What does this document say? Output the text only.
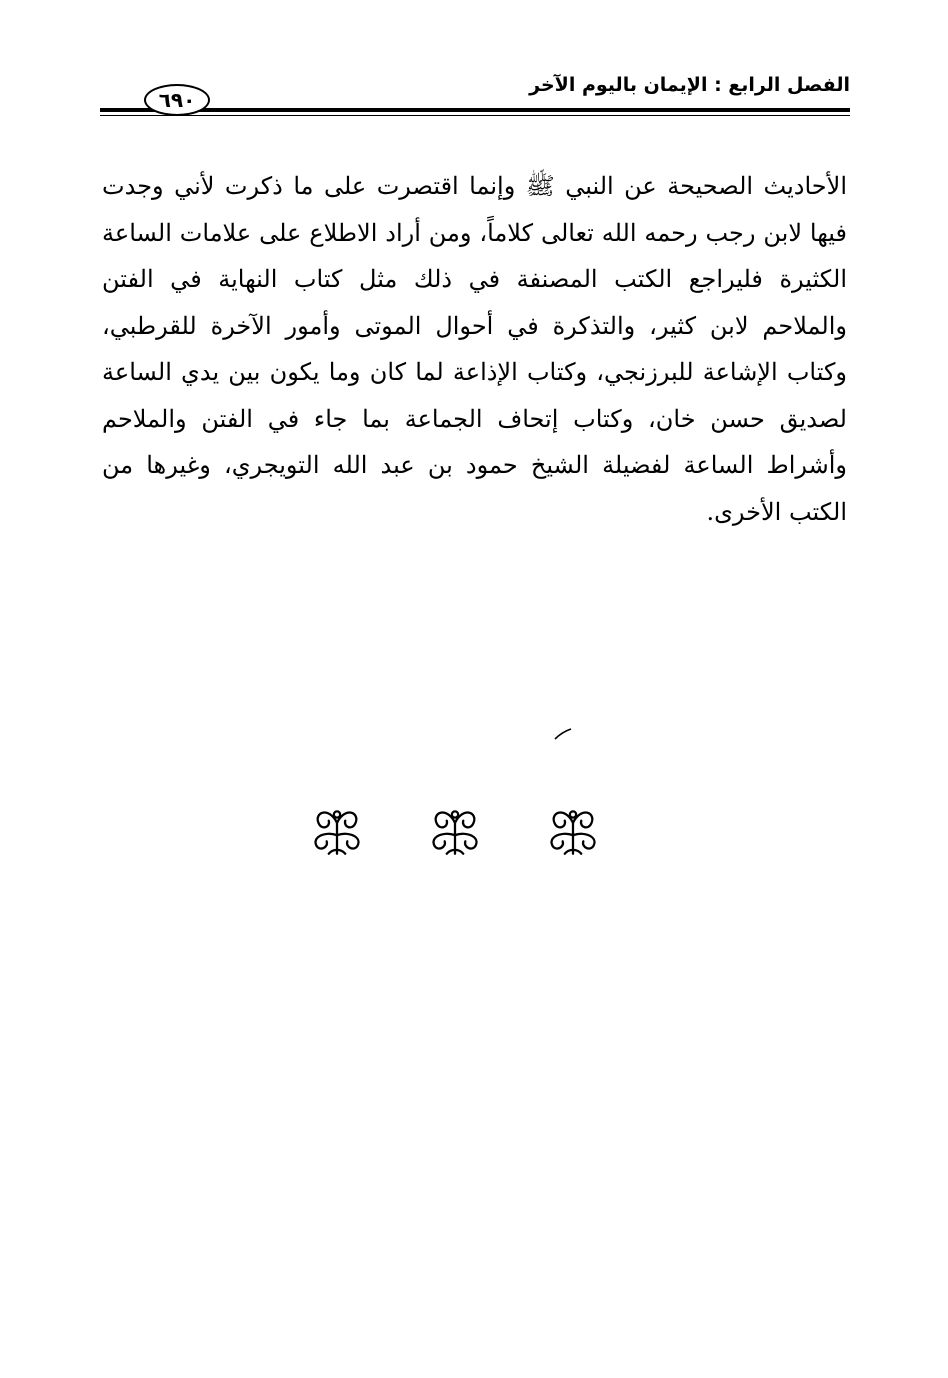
الفصل الرابع : الإيمان باليوم الآخر
٦٩٠
الأحاديث الصحيحة عن النبي ﷺ وإنما اقتصرت على ما ذكرت لأني وجدت فيها لابن رجب رحمه الله تعالى كلاماً، ومن أراد الاطلاع على علامات الساعة الكثيرة فليراجع الكتب المصنفة في ذلك مثل كتاب النهاية في الفتن والملاحم لابن كثير، والتذكرة في أحوال الموتى وأمور الآخرة للقرطبي، وكتاب الإشاعة للبرزنجي، وكتاب الإذاعة لما كان وما يكون بين يدي الساعة لصديق حسن خان، وكتاب إتحاف الجماعة بما جاء في الفتن والملاحم وأشراط الساعة لفضيلة الشيخ حمود بن عبد الله التويجري، وغيرها من الكتب الأخرى.
